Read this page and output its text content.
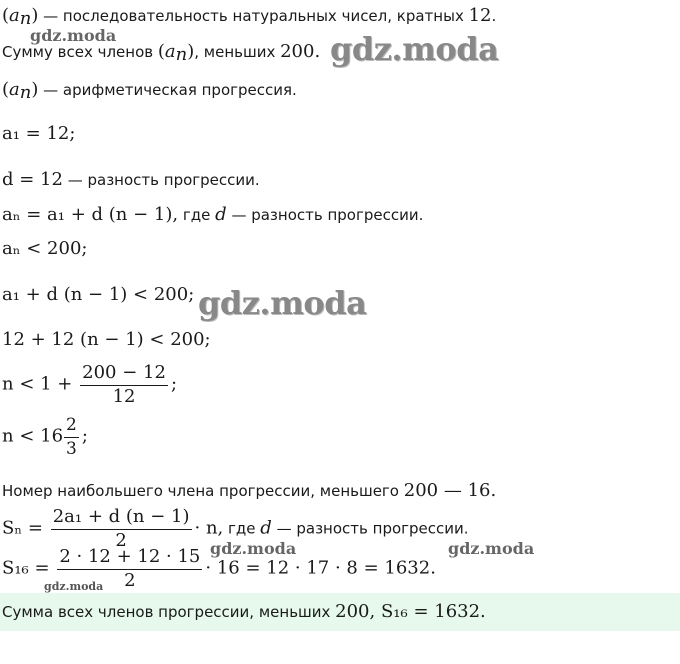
$(a_n)$ — последовательность натуральных чисел, кратных 12.
Сумму всех членов $(a_n)$, меньших 200.
$(a_n)$ — арифметическая прогрессия.
a₁ = 12;
d = 12 — разность прогрессии.
aₙ = a₁ + d (n − 1), где d — разность прогрессии.
aₙ < 200;
a₁ + d (n − 1) < 200;
12 + 12 (n − 1) < 200;
$n < 1 + \frac{200 - 12}{12}$ ;
$n < 16 \frac{2}{3}$ ;
Номер наибольшего члена прогрессии, меньшего 200 — 16.
$S_n = \frac{\text{2a₁ + d (n − 1)}}{2} \cdot n$, где d — разность прогрессии.
$S_{16} = \frac{2 \cdot 12 + 12 \cdot 15}{2} \cdot 16 = 12 \cdot 17 \cdot 8 = 1632$.
Сумма всех членов прогрессии, меньших 200, S₁₆ = 1632.
gdz.moda
gdz.moda
gdz.moda
gdz.moda	gdz.moda
gdz.moda
